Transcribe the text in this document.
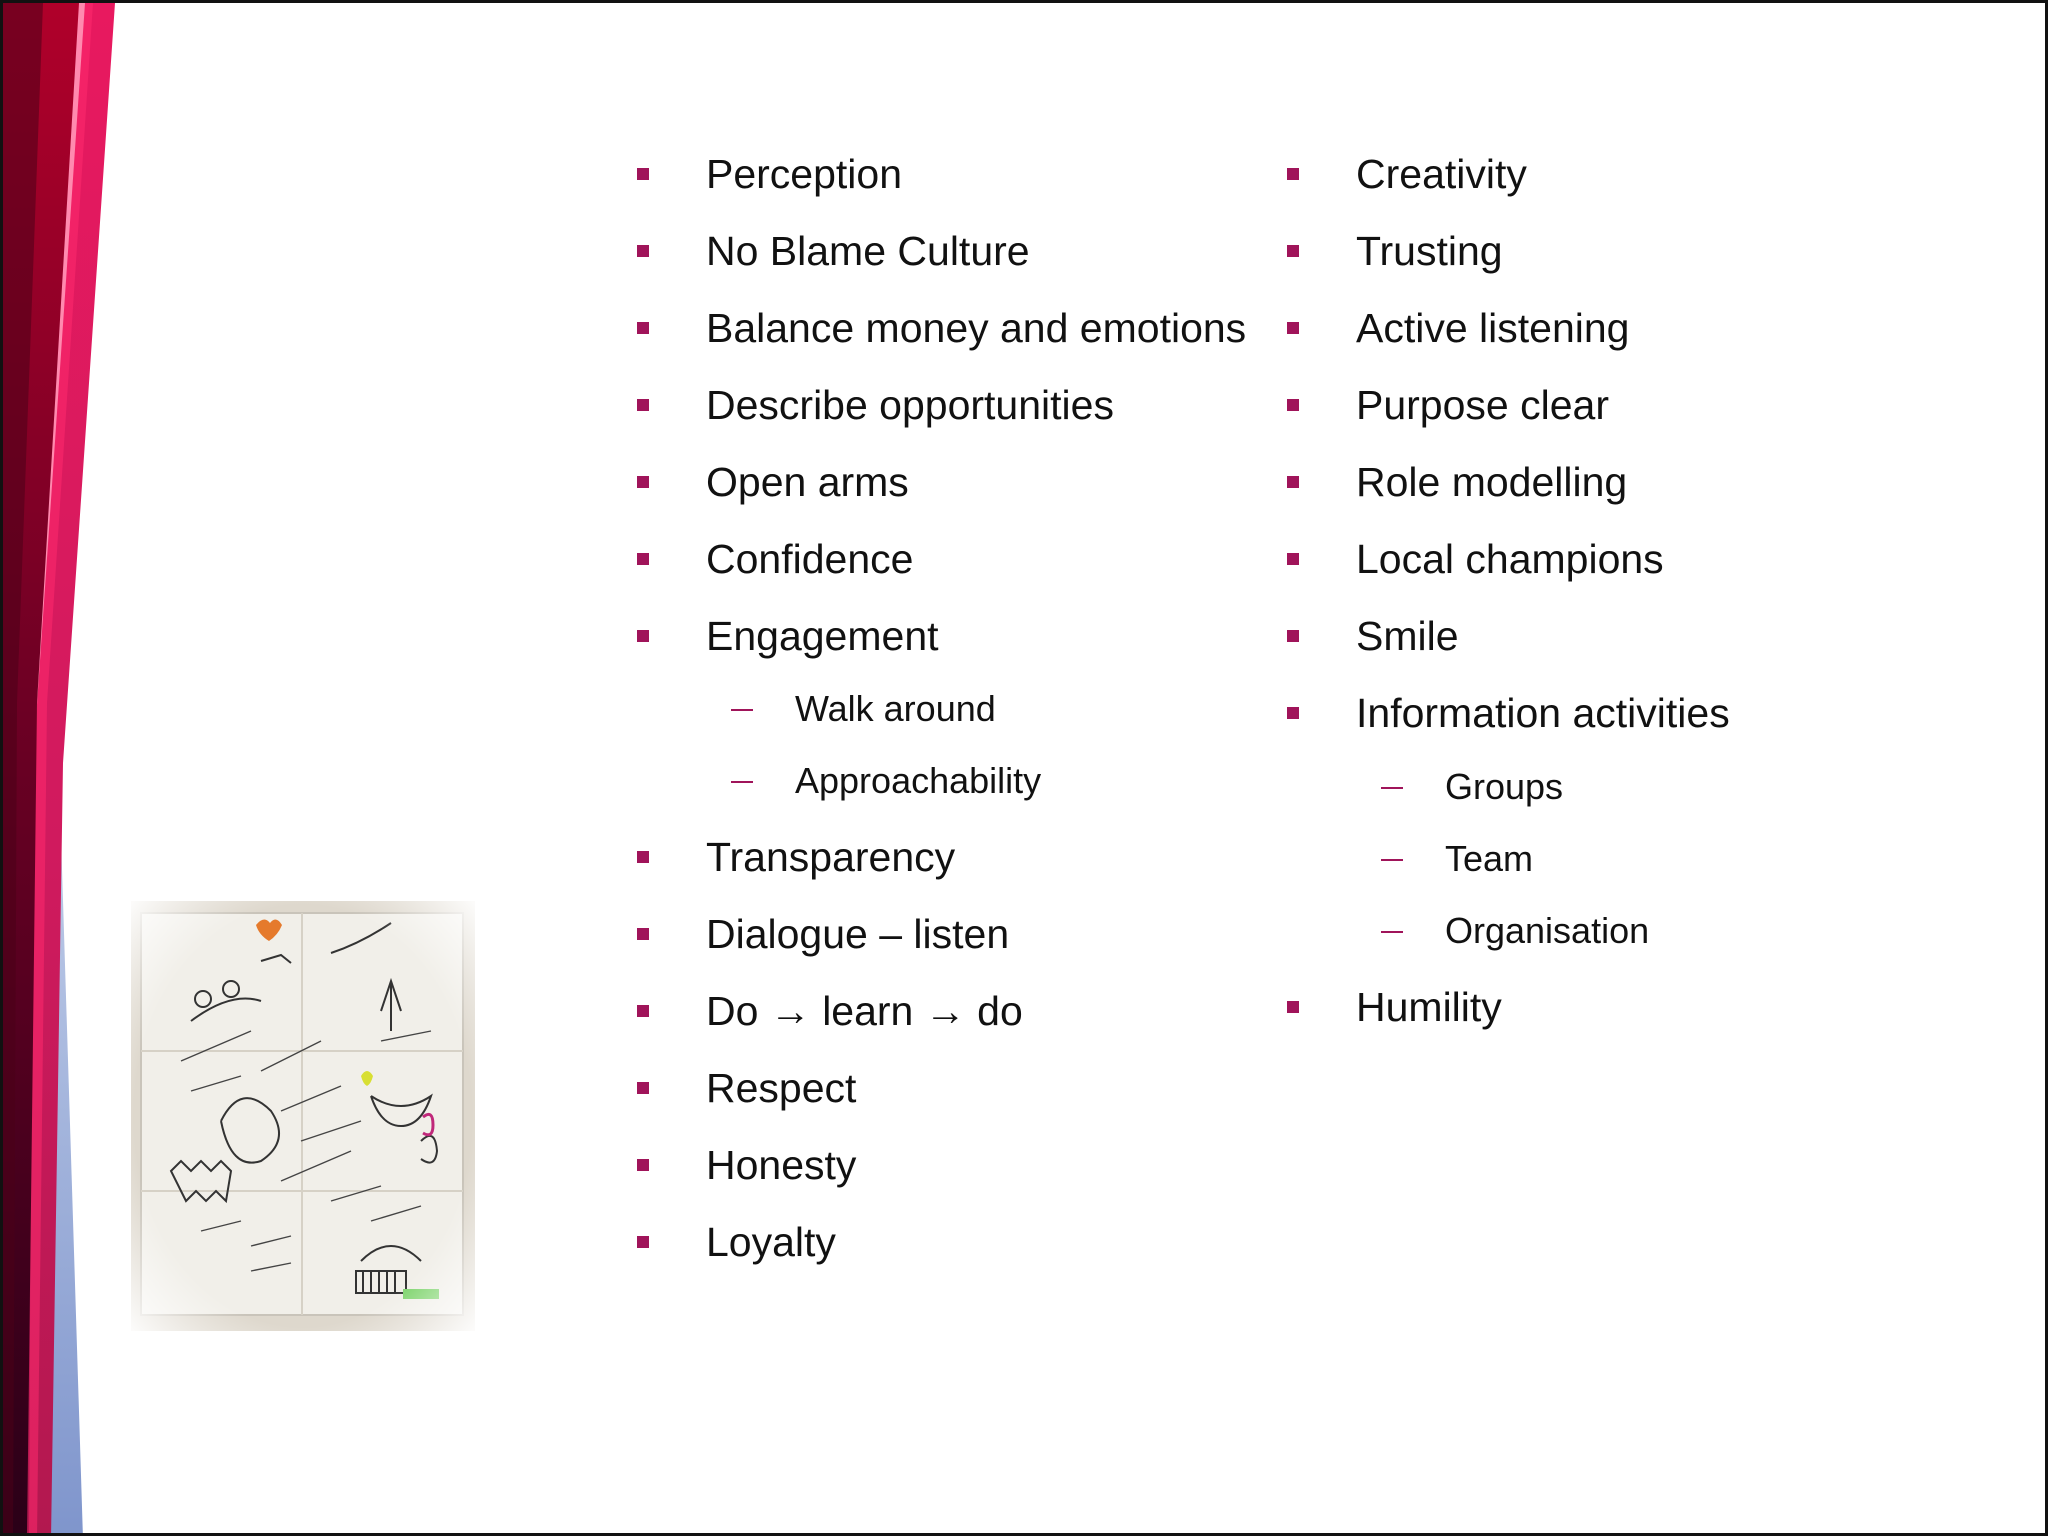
Perception
No Blame Culture
Balance money and emotions
Describe opportunities
Open arms
Confidence
Engagement
Walk around
Approachability
Transparency
Dialogue – listen
Do → learn → do
Respect
Honesty
Loyalty
Creativity
Trusting
Active listening
Purpose clear
Role modelling
Local champions
Smile
Information activities
Groups
Team
Organisation
Humility
